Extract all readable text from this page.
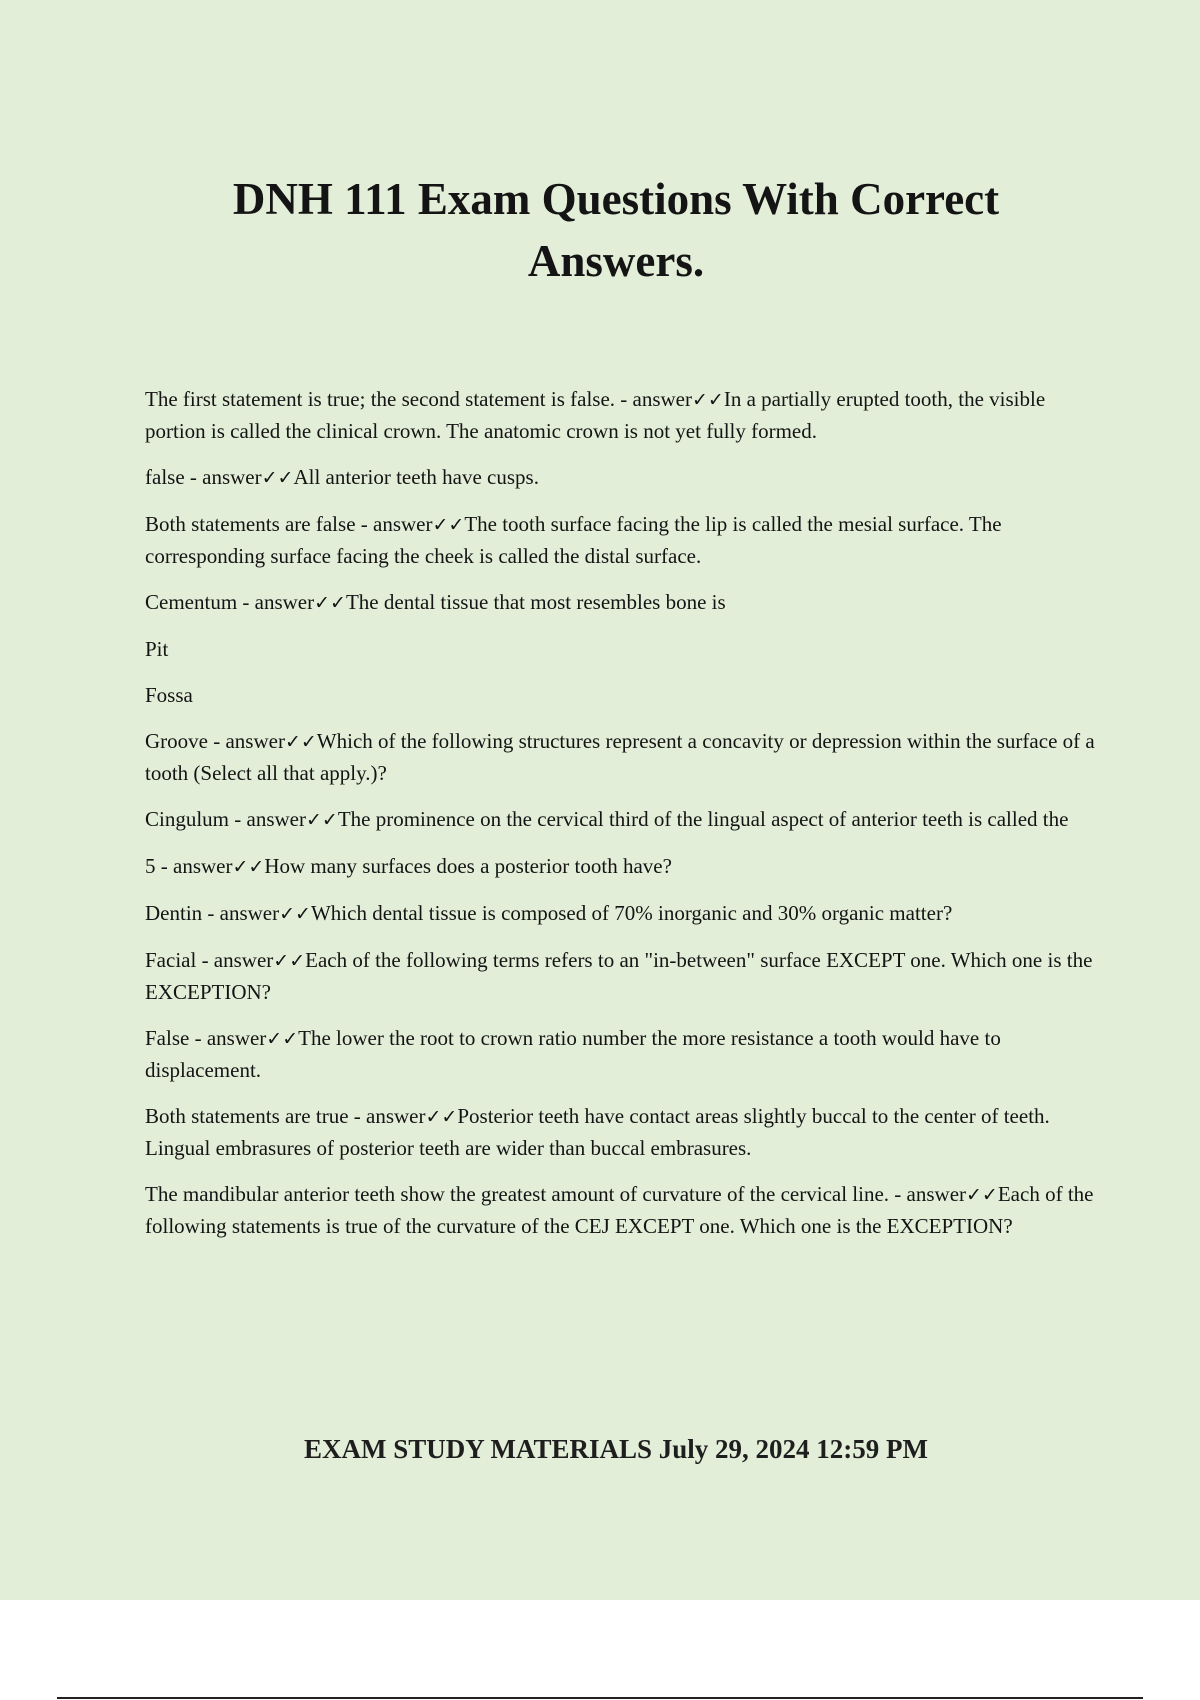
DNH 111 Exam Questions With Correct Answers.

The first statement is true; the second statement is false. - answer✓✓In a partially erupted tooth, the visible portion is called the clinical crown. The anatomic crown is not yet fully formed.

false - answer✓✓All anterior teeth have cusps.

Both statements are false - answer✓✓The tooth surface facing the lip is called the mesial surface. The corresponding surface facing the cheek is called the distal surface.

Cementum - answer✓✓The dental tissue that most resembles bone is

Pit

Fossa

Groove - answer✓✓Which of the following structures represent a concavity or depression within the surface of a tooth (Select all that apply.)?

Cingulum - answer✓✓The prominence on the cervical third of the lingual aspect of anterior teeth is called the

5 - answer✓✓How many surfaces does a posterior tooth have?

Dentin - answer✓✓Which dental tissue is composed of 70% inorganic and 30% organic matter?

Facial - answer✓✓Each of the following terms refers to an "in-between" surface EXCEPT one. Which one is the EXCEPTION?

False - answer✓✓The lower the root to crown ratio number the more resistance a tooth would have to displacement.

Both statements are true - answer✓✓Posterior teeth have contact areas slightly buccal to the center of teeth. Lingual embrasures of posterior teeth are wider than buccal embrasures.

The mandibular anterior teeth show the greatest amount of curvature of the cervical line. - answer✓✓Each of the following statements is true of the curvature of the CEJ EXCEPT one. Which one is the EXCEPTION?

EXAM STUDY MATERIALS July 29, 2024 12:59 PM
